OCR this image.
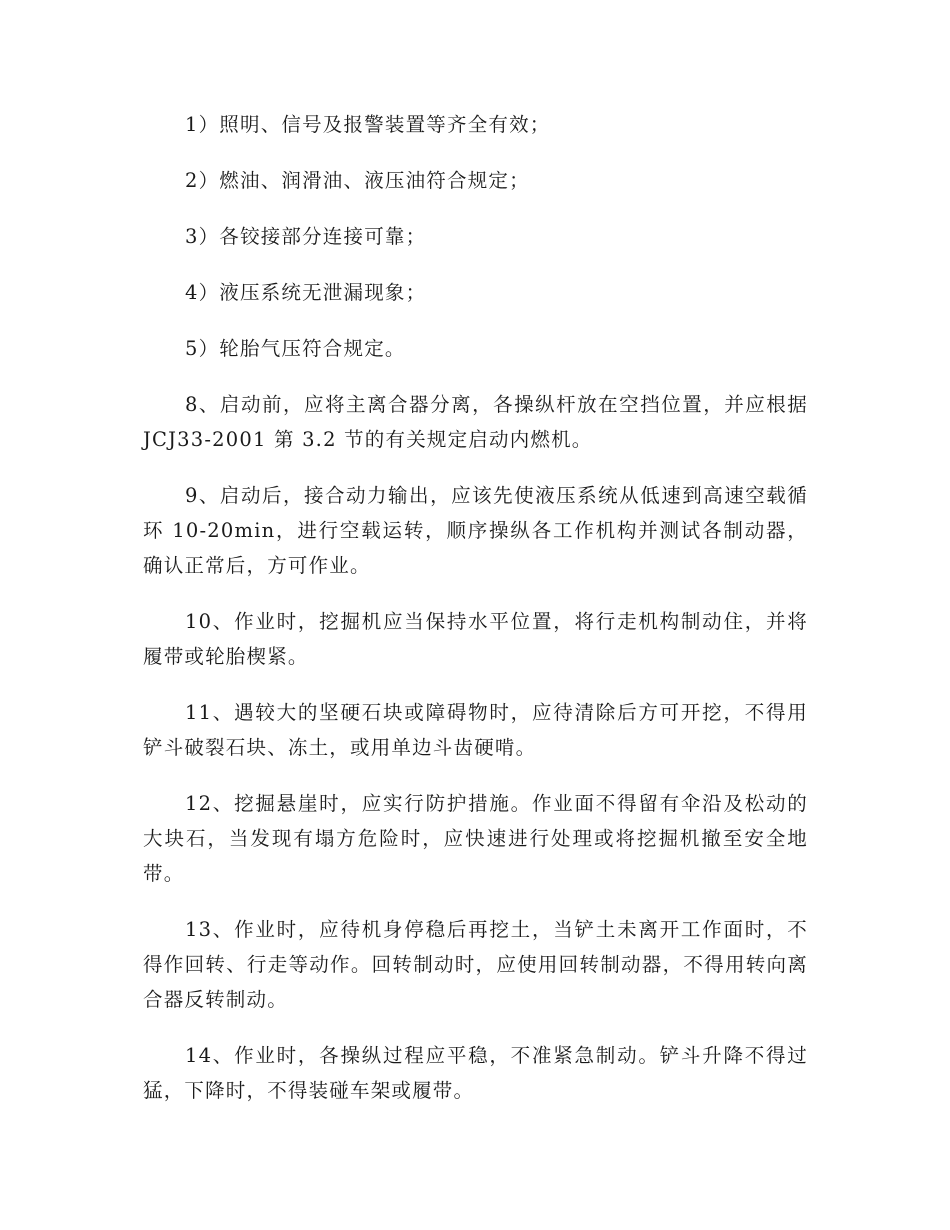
1）照明、信号及报警装置等齐全有效；

2）燃油、润滑油、液压油符合规定；

3）各铰接部分连接可靠；

4）液压系统无泄漏现象；

5）轮胎气压符合规定。

8、启动前，应将主离合器分离，各操纵杆放在空挡位置，并应根据 JCJ33-2001 第 3.2 节的有关规定启动内燃机。

9、启动后，接合动力输出，应该先使液压系统从低速到高速空载循环 10-20min，进行空载运转，顺序操纵各工作机构并测试各制动器，确认正常后，方可作业。

10、作业时，挖掘机应当保持水平位置，将行走机构制动住，并将履带或轮胎楔紧。

11、遇较大的坚硬石块或障碍物时，应待清除后方可开挖，不得用铲斗破裂石块、冻土，或用单边斗齿硬啃。

12、挖掘悬崖时，应实行防护措施。作业面不得留有伞沿及松动的大块石，当发现有塌方危险时，应快速进行处理或将挖掘机撤至安全地带。

13、作业时，应待机身停稳后再挖土，当铲土未离开工作面时，不得作回转、行走等动作。回转制动时，应使用回转制动器，不得用转向离合器反转制动。

14、作业时，各操纵过程应平稳，不准紧急制动。铲斗升降不得过猛，下降时，不得装碰车架或履带。
